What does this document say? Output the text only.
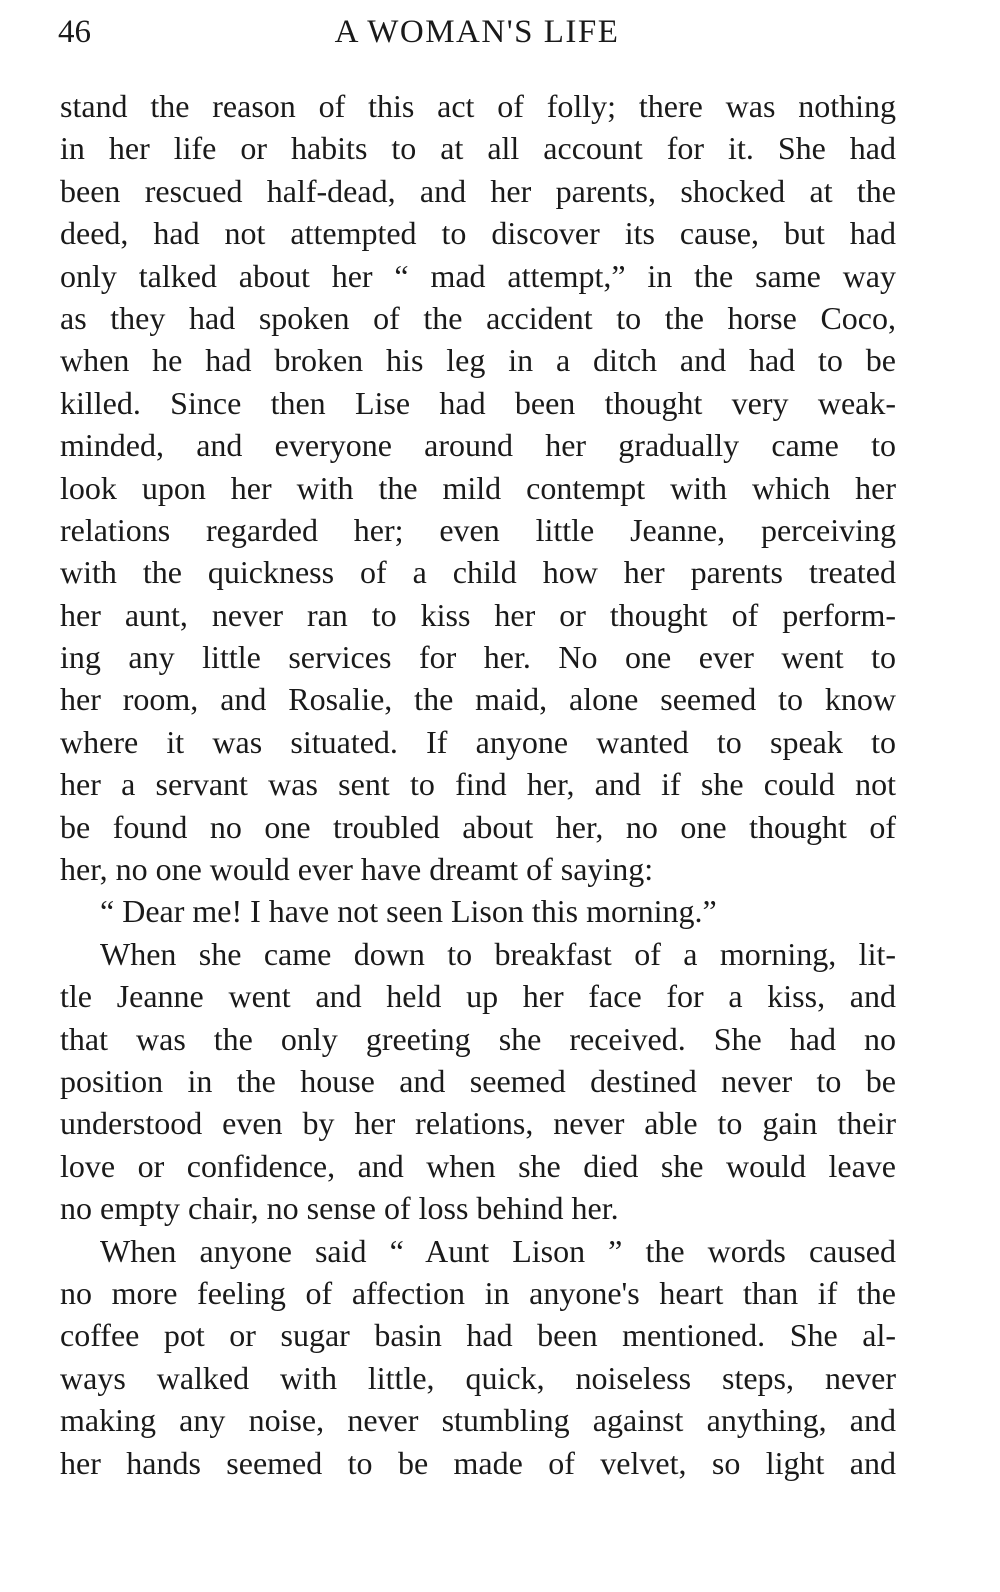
46	A WOMAN'S LIFE
stand the reason of this act of folly; there was nothing
in her life or habits to at all account for it. She had
been rescued half-dead, and her parents, shocked at the
deed, had not attempted to discover its cause, but had
only talked about her “ mad attempt,” in the same way
as they had spoken of the accident to the horse Coco,
when he had broken his leg in a ditch and had to be
killed. Since then Lise had been thought very weak-
minded, and everyone around her gradually came to
look upon her with the mild contempt with which her
relations regarded her; even little Jeanne, perceiving
with the quickness of a child how her parents treated
her aunt, never ran to kiss her or thought of perform-
ing any little services for her. No one ever went to
her room, and Rosalie, the maid, alone seemed to know
where it was situated. If anyone wanted to speak to
her a servant was sent to find her, and if she could not
be found no one troubled about her, no one thought of
her, no one would ever have dreamt of saying:
“ Dear me! I have not seen Lison this morning.”
When she came down to breakfast of a morning, lit-
tle Jeanne went and held up her face for a kiss, and
that was the only greeting she received. She had no
position in the house and seemed destined never to be
understood even by her relations, never able to gain their
love or confidence, and when she died she would leave
no empty chair, no sense of loss behind her.
When anyone said “ Aunt Lison ” the words caused
no more feeling of affection in anyone's heart than if the
coffee pot or sugar basin had been mentioned. She al-
ways walked with little, quick, noiseless steps, never
making any noise, never stumbling against anything, and
her hands seemed to be made of velvet, so light and
